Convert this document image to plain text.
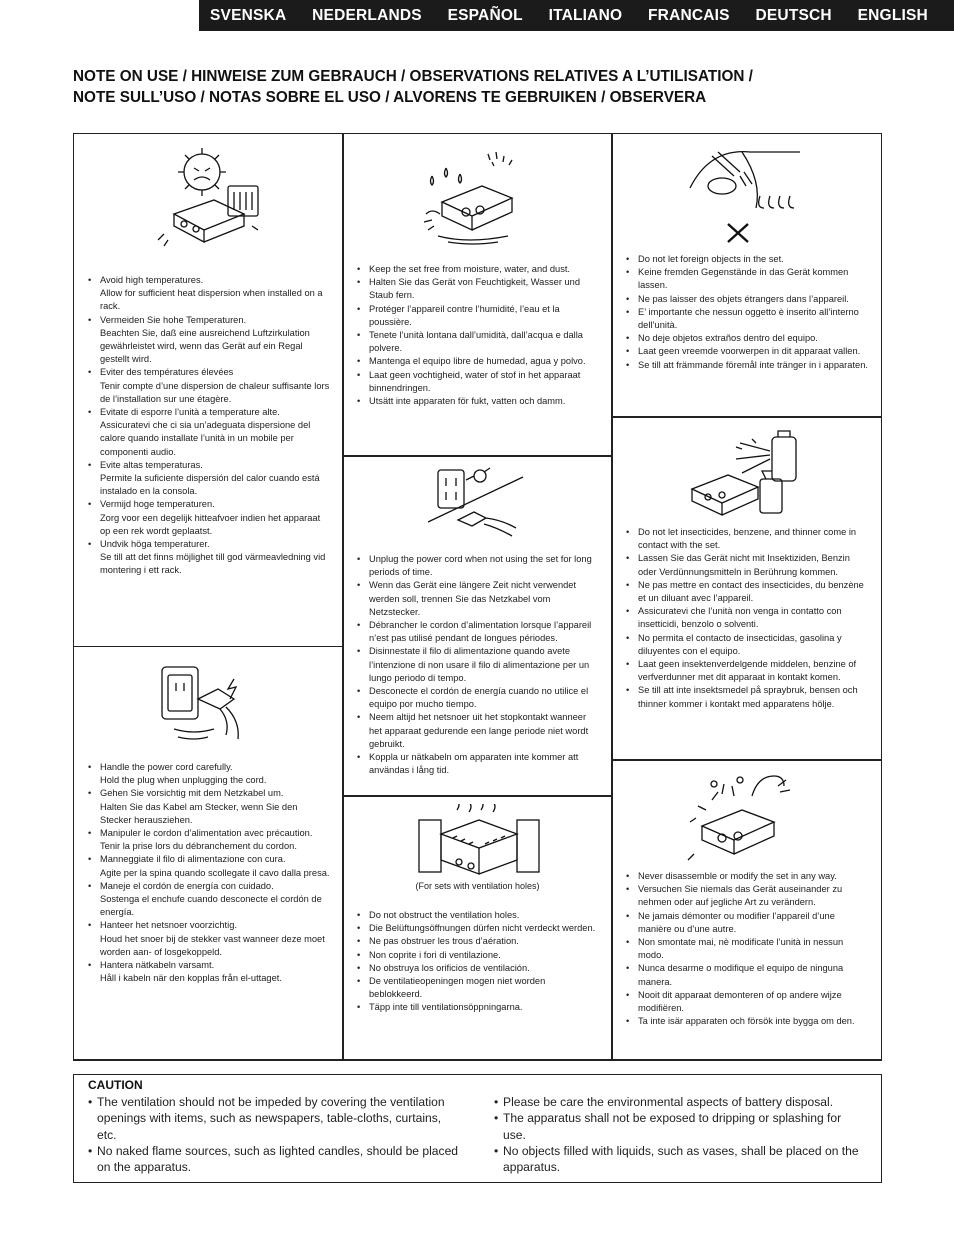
SVENSKA NEDERLANDS ESPAÑOL ITALIANO FRANCAIS DEUTSCH ENGLISH
NOTE ON USE / HINWEISE ZUM GEBRAUCH / OBSERVATIONS RELATIVES A L’UTILISATION /
NOTE SULL’USO / NOTAS SOBRE EL USO / ALVORENS TE GEBRUIKEN / OBSERVERA
• Avoid high temperatures.
Allow for sufficient heat dispersion when installed on a rack.
• Vermeiden Sie hohe Temperaturen.
Beachten Sie, daß eine ausreichend Luftzirkulation gewährleistet wird, wenn das Gerät auf ein Regal gestellt wird.
• Eviter des températures élevées
Tenir compte d’une dispersion de chaleur suffisante lors de l’installation sur une étagère.
• Evitate di esporre l’unità a temperature alte.
Assicuratevi che ci sia un’adeguata dispersione del calore quando installate l’unità in un mobile per componenti audio.
• Evite altas temperaturas.
Permite la suficiente dispersión del calor cuando está instalado en la consola.
• Vermijd hoge temperaturen.
Zorg voor een degelijk hitteafvoer indien het apparaat op een rek wordt geplaatst.
• Undvik höga temperaturer.
Se till att det finns möjlighet till god värmeavledning vid montering i ett rack.
• Handle the power cord carefully.
Hold the plug when unplugging the cord.
• Gehen Sie vorsichtig mit dem Netzkabel um.
Halten Sie das Kabel am Stecker, wenn Sie den Stecker herausziehen.
• Manipuler le cordon d’alimentation avec précaution.
Tenir la prise lors du débranchement du cordon.
• Manneggiate il filo di alimentazione con cura.
Agite per la spina quando scollegate il cavo dalla presa.
• Maneje el cordón de energía con cuidado.
Sostenga el enchufe cuando desconecte el cordón de energía.
• Hanteer het netsnoer voorzichtig.
Houd het snoer bij de stekker vast wanneer deze moet worden aan- of losgekoppeld.
• Hantera nätkabeln varsamt.
Håll i kabeln när den kopplas från el-uttaget.
• Keep the set free from moisture, water, and dust.
• Halten Sie das Gerät von Feuchtigkeit, Wasser und Staub fern.
• Protéger l’appareil contre l’humidité, l’eau et la poussière.
• Tenete l’unità lontana dall’umidità, dall’acqua e dalla polvere.
• Mantenga el equipo libre de humedad, agua y polvo.
• Laat geen vochtigheid, water of stof in het apparaat binnendringen.
• Utsätt inte apparaten för fukt, vatten och damm.
• Unplug the power cord when not using the set for long periods of time.
• Wenn das Gerät eine längere Zeit nicht verwendet werden soll, trennen Sie das Netzkabel vom Netzstecker.
• Débrancher le cordon d’alimentation lorsque l’appareil n’est pas utilisé pendant de longues périodes.
• Disinnestate il filo di alimentazione quando avete l’intenzione di non usare il filo di alimentazione per un lungo periodo di tempo.
• Desconecte el cordón de energía cuando no utilice el equipo por mucho tiempo.
• Neem altijd het netsnoer uit het stopkontakt wanneer het apparaat gedurende een lange periode niet wordt gebruikt.
• Koppla ur nätkabeln om apparaten inte kommer att användas i lång tid.
(For sets with ventilation holes)
• Do not obstruct the ventilation holes.
• Die Belüftungsöffnungen dürfen nicht verdeckt werden.
• Ne pas obstruer les trous d’aération.
• Non coprite i fori di ventilazione.
• No obstruya los orificios de ventilación.
• De ventilatieopeningen mogen niet worden beblokkeerd.
• Täpp inte till ventilationsöppningarna.
• Do not let foreign objects in the set.
• Keine fremden Gegenstände in das Gerät kommen lassen.
• Ne pas laisser des objets étrangers dans l’appareil.
• E’ importante che nessun oggetto è inserito all’interno dell’unità.
• No deje objetos extraños dentro del equipo.
• Laat geen vreemde voorwerpen in dit apparaat vallen.
• Se till att främmande föremål inte tränger in i apparaten.
• Do not let insecticides, benzene, and thinner come in contact with the set.
• Lassen Sie das Gerät nicht mit Insektiziden, Benzin oder Verdünnungsmitteln in Berührung kommen.
• Ne pas mettre en contact des insecticides, du benzène et un diluant avec l’appareil.
• Assicuratevi che l’unità non venga in contatto con insetticidi, benzolo o solventi.
• No permita el contacto de insecticidas, gasolina y diluyentes con el equipo.
• Laat geen insektenverdelgende middelen, benzine of verfverdunner met dit apparaat in kontakt komen.
• Se till att inte insektsmedel på spraybruk, bensen och thinner kommer i kontakt med apparatens hölje.
• Never disassemble or modify the set in any way.
• Versuchen Sie niemals das Gerät auseinander zu nehmen oder auf jegliche Art zu verändern.
• Ne jamais démonter ou modifier l’appareil d’une manière ou d’une autre.
• Non smontate mai, nè modificate l’unità in nessun modo.
• Nunca desarme o modifique el equipo de ninguna manera.
• Nooit dit apparaat demonteren of op andere wijze modifiëren.
• Ta inte isär apparaten och försök inte bygga om den.
CAUTION
• The ventilation should not be impeded by covering the ventilation openings with items, such as newspapers, table-cloths, curtains, etc.
• No naked flame sources, such as lighted candles, should be placed on the apparatus.
• Please be care the environmental aspects of battery disposal.
• The apparatus shall not be exposed to dripping or splashing for use.
• No objects filled with liquids, such as vases, shall be placed on the apparatus.
